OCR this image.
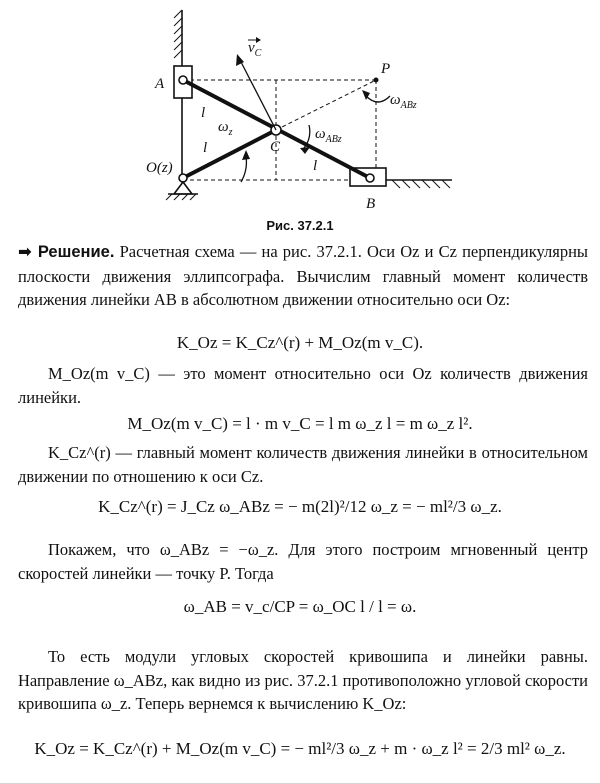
A
P
C
O(z)
B
l
l
l
$v_C$
$\omega_z$	$\omega_{ABz}$
$\omega_{ABz}$
Рис. 37.2.1

➡ Решение. Расчетная схема — на рис. 37.2.1. Оси Oz и Cz перпендикулярны плоскости движения эллипсографа. Вычислим главный момент количеств движения линейки AB в абсолютном движении относительно оси Oz:

K_Oz = K_Cz^(r) + M_Oz(m v_C).

M_Oz(m v_C) — это момент относительно оси Oz количеств движения линейки.

M_Oz(m v_C) = l · m v_C = l m ω_z l = m ω_z l².

K_Cz^(r) — главный момент количеств движения линейки в относительном движении по отношению к оси Cz.

K_Cz^(r) = J_Cz ω_ABz = − m(2l)²/12 ω_z = − ml²/3 ω_z.

Покажем, что ω_ABz = −ω_z. Для этого построим мгновенный центр скоростей линейки — точку P. Тогда

ω_AB = v_c/CP = ω_OC l / l = ω.

То есть модули угловых скоростей кривошипа и линейки равны. Направление ω_ABz, как видно из рис. 37.2.1 противоположно угловой скорости кривошипа ω_z. Теперь вернемся к вычислению K_Oz:

K_Oz = K_Cz^(r) + M_Oz(m v_C) = − ml²/3 ω_z + m · ω_z l² = 2/3 ml² ω_z.
